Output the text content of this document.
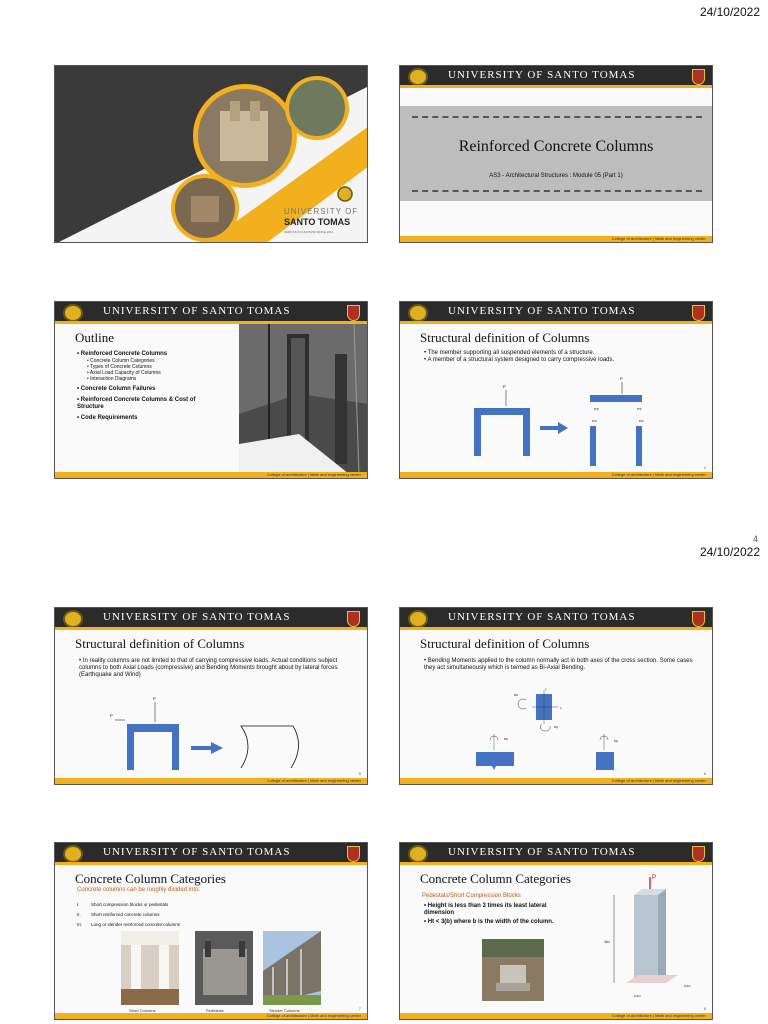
24/10/2022
4
24/10/2022
UNIVERSITY OF
SANTO TOMAS
VERITAS IN CARITATE SINCE 1611
UNIVERSITY OF SANTO TOMAS
Reinforced Concrete Columns
AS3 - Architectural Structures : Module 05 (Part 1)
College of architecture | Math and engineering center
UNIVERSITY OF SANTO TOMAS
Outline

• Reinforced Concrete Columns

• Concrete Column Categories

• Types of Concrete Columns

• Axial Load Capacity of Columns

• Interaction Diagrams

• Concrete Column Failures

• Reinforced Concrete Columns & Cost of Structure

• Code Requirements

3
College of architecture | Math and engineering center
UNIVERSITY OF SANTO TOMAS
Structural definition of Columns

• The member supporting all suspended elements of a structure.

• A member of a structural system designed to carry compressive loads.

P
P
P/2	P/2
P/2	P/2
4
College of architecture | Math and engineering center
UNIVERSITY OF SANTO TOMAS
Structural definition of Columns

• In reality columns are not limited to that of carrying compressive loads. Actual conditions subject columns to both Axial Loads (compressive) and Bending Moments brought about by lateral forces (Earthquake and Wind)

P
P
5
College of architecture | Math and engineering center
UNIVERSITY OF SANTO TOMAS
Structural definition of Columns

• Bending Moments applied to the column normally act in both axes of the cross section. Some cases they act simultaneously which is termed as Bi-Axial Bending.

Mx
y
x
My
Mx	My
6
College of architecture | Math and engineering center
UNIVERSITY OF SANTO TOMAS
Concrete Column Categories
Concrete columns can be roughly divided into:

I.	Short compression blocks or pedestals

II. Short reinforced concrete columns

III. Long or slender reinforced concrete columns

Short Columns	Pedestals	Slender Columns	7
College of architecture | Math and engineering center
UNIVERSITY OF SANTO TOMAS
Concrete Column Categories
Pedestals/Short Compression Blocks

• Height is less than 3 times its least lateral dimension

• Ht < 3(b) where b is the width of the column.

P
1m
0.4m
0.4m
8
College of architecture | Math and engineering center
